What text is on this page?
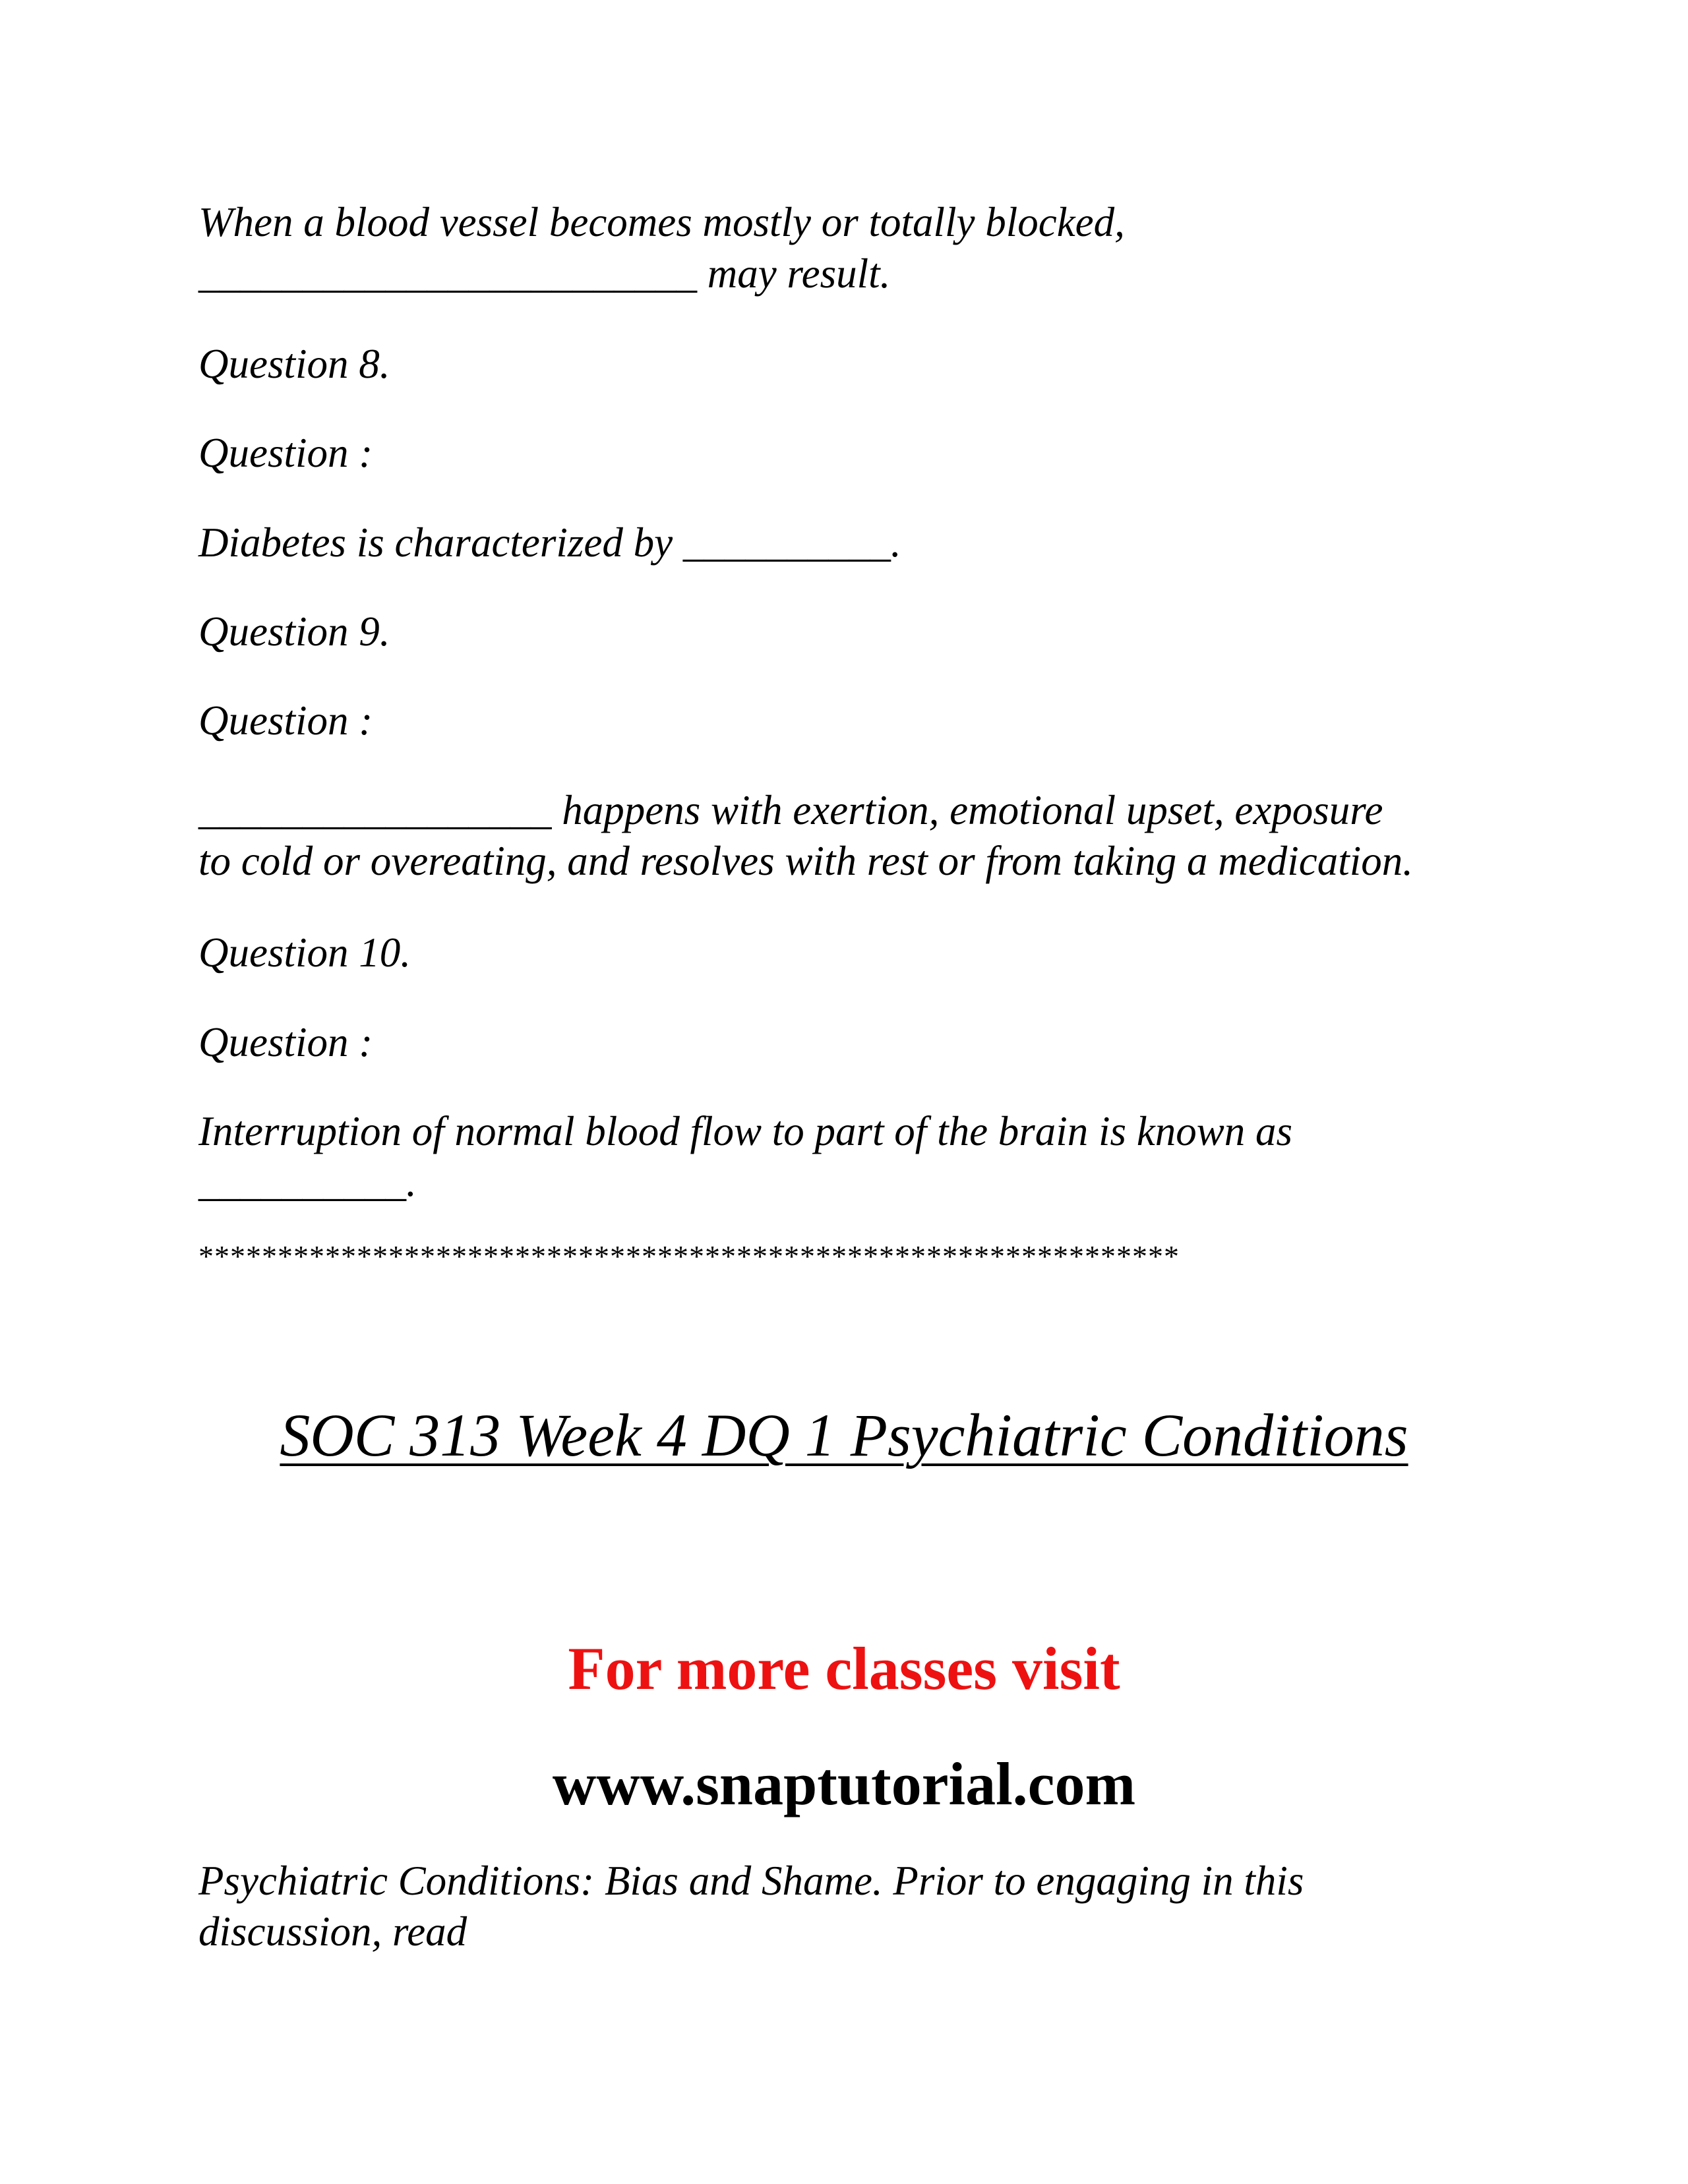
When a blood vessel becomes mostly or totally blocked,

________________________ may result.

Question 8.

Question :

Diabetes is characterized by __________.

Question 9.

Question :

_________________ happens with exertion, emotional upset, exposure

to cold or overeating, and resolves with rest or from taking a medication.

Question 10.

Question :

Interruption of normal blood flow to part of the brain is known as

__________.

**************************************************************
SOC 313 Week 4 DQ 1 Psychiatric Conditions
For more classes visit
www.snaptutorial.com

Psychiatric Conditions: Bias and Shame. Prior to engaging in this

discussion, read
